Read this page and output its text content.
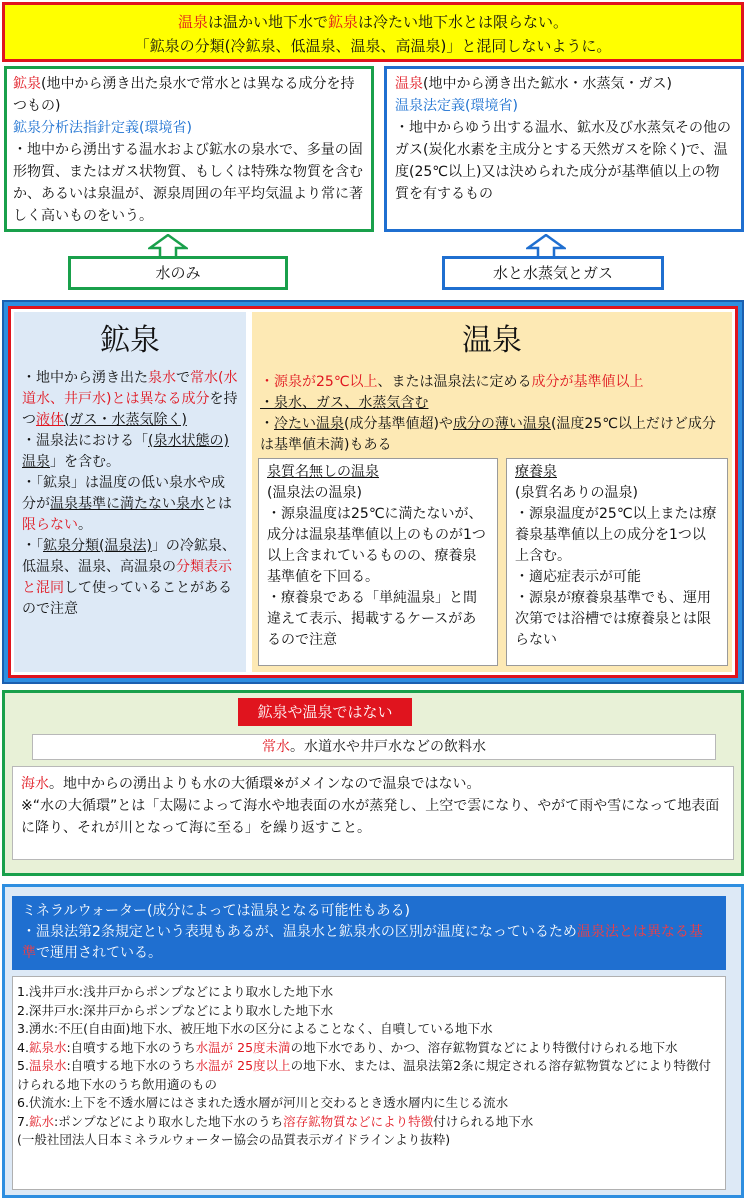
温泉は温かい地下水で鉱泉は冷たい地下水とは限らない。
「鉱泉の分類(冷鉱泉、低温泉、温泉、高温泉)」と混同しないように。
鉱泉(地中から湧き出た泉水で常水とは異なる成分を持つもの)
鉱泉分析法指針定義(環境省)
・地中から湧出する温水および鉱水の泉水で、多量の固形物質、またはガス状物質、もしくは特殊な物質を含むか、あるいは泉温が、源泉周囲の年平均気温より常に著しく高いものをいう。
温泉(地中から湧き出た鉱水・水蒸気・ガス)
温泉法定義(環境省)
・地中からゆう出する温水、鉱水及び水蒸気その他のガス(炭化水素を主成分とする天然ガスを除く)で、温度(25℃以上)又は決められた成分が基準値以上の物質を有するもの
水のみ	水と水蒸気とガス
鉱泉
・地中から湧き出た泉水で常水(水道水、井戸水)とは異なる成分を持つ液体(ガス・水蒸気除く)
・温泉法における「(泉水状態の)温泉」を含む。
・「鉱泉」は温度の低い泉水や成分が温泉基準に満たない泉水とは限らない。
・「鉱泉分類(温泉法)」の冷鉱泉、低温泉、温泉、高温泉の分類表示と混同して使っていることがあるので注意
温泉
・源泉が25℃以上、または温泉法に定める成分が基準値以上
・泉水、ガス、水蒸気含む
・冷たい温泉(成分基準値超)や成分の薄い温泉(温度25℃以上だけど成分は基準値未満)もある
泉質名無しの温泉
(温泉法の温泉)
・源泉温度は25℃に満たないが、成分は温泉基準値以上のものが1つ以上含まれているものの、療養泉基準値を下回る。
・療養泉である「単純温泉」と間違えて表示、掲載するケースがあるので注意
療養泉
(泉質名ありの温泉)
・源泉温度が25℃以上または療養泉基準値以上の成分を1つ以上含む。
・適応症表示が可能
・源泉が療養泉基準でも、運用次第では浴槽では療養泉とは限らない
鉱泉や温泉ではない
常水。水道水や井戸水などの飲料水
海水。地中からの湧出よりも水の大循環※がメインなので温泉ではない。
※“水の大循環”とは「太陽によって海水や地表面の水が蒸発し、上空で雲になり、やがて雨や雪になって地表面に降り、それが川となって海に至る」を繰り返すこと。
ミネラルウォーター(成分によっては温泉となる可能性もある)
・温泉法第2条規定という表現もあるが、温泉水と鉱泉水の区別が温度になっているため温泉法とは異なる基準で運用されている。
1.浅井戸水:浅井戸からポンプなどにより取水した地下水
2.深井戸水:深井戸からポンプなどにより取水した地下水
3.湧水:不圧(自由面)地下水、被圧地下水の区分によることなく、自噴している地下水
4.鉱泉水:自噴する地下水のうち水温が 25度未満の地下水であり、かつ、溶存鉱物質などにより特徴付けられる地下水
5.温泉水:自噴する地下水のうち水温が 25度以上の地下水、または、温泉法第2条に規定される溶存鉱物質などにより特徴付けられる地下水のうち飲用適のもの
6.伏流水:上下を不透水層にはさまれた透水層が河川と交わるとき透水層内に生じる流水
7.鉱水:ポンプなどにより取水した地下水のうち溶存鉱物質などにより特徴付けられる地下水
(一般社団法人日本ミネラルウォーター協会の品質表示ガイドラインより抜粋)
